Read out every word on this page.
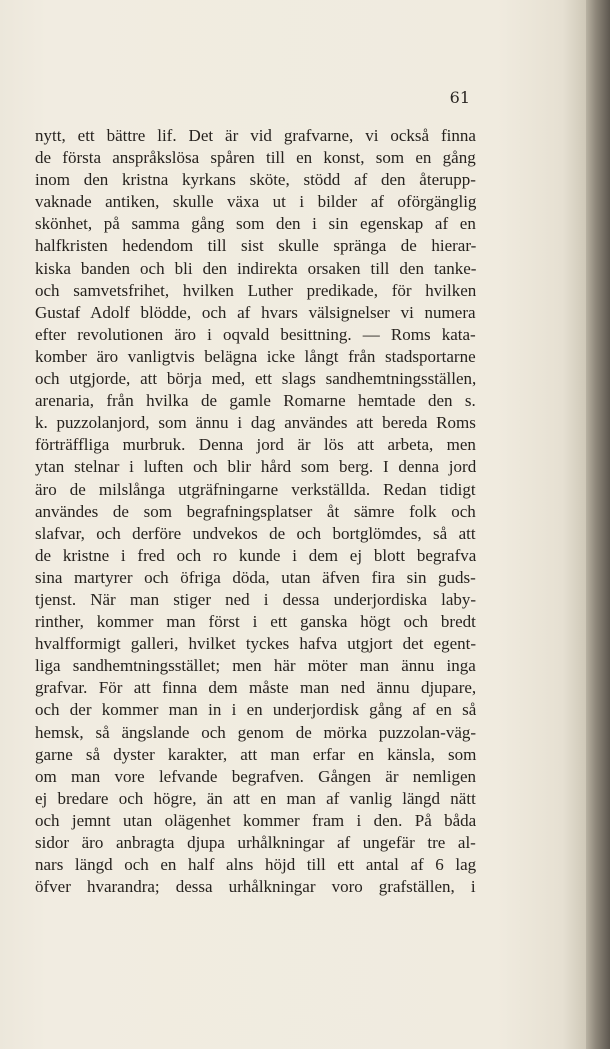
61
nytt, ett bättre lif. Det är vid grafvarne, vi också finna
de första anspråkslösa spåren till en konst, som en gång
inom den kristna kyrkans sköte, stödd af den återupp-
vaknade antiken, skulle växa ut i bilder af oförgänglig
skönhet, på samma gång som den i sin egenskap af en
halfkristen hedendom till sist skulle spränga de hierar-
kiska banden och bli den indirekta orsaken till den tanke-
och samvetsfrihet, hvilken Luther predikade, för hvilken
Gustaf Adolf blödde, och af hvars välsignelser vi numera
efter revolutionen äro i oqvald besittning. — Roms kata-
komber äro vanligtvis belägna icke långt från stadsportarne
och utgjorde, att börja med, ett slags sandhemtningsställen,
arenaria, från hvilka de gamle Romarne hemtade den s.
k. puzzolanjord, som ännu i dag användes att bereda Roms
förträffliga murbruk. Denna jord är lös att arbeta, men
ytan stelnar i luften och blir hård som berg. I denna jord
äro de milslånga utgräfningarne verkställda. Redan tidigt
användes de som begrafningsplatser åt sämre folk och
slafvar, och derföre undvekos de och bortglömdes, så att
de kristne i fred och ro kunde i dem ej blott begrafva
sina martyrer och öfriga döda, utan äfven fira sin guds-
tjenst. När man stiger ned i dessa underjordiska laby-
rinther, kommer man först i ett ganska högt och bredt
hvalfformigt galleri, hvilket tyckes hafva utgjort det egent-
liga sandhemtningsstället; men här möter man ännu inga
grafvar. För att finna dem måste man ned ännu djupare,
och der kommer man in i en underjordisk gång af en så
hemsk, så ängslande och genom de mörka puzzolan-väg-
garne så dyster karakter, att man erfar en känsla, som
om man vore lefvande begrafven. Gången är nemligen
ej bredare och högre, än att en man af vanlig längd nätt
och jemnt utan olägenhet kommer fram i den. På båda
sidor äro anbragta djupa urhålkningar af ungefär tre al-
nars längd och en half alns höjd till ett antal af 6 lag
öfver hvarandra; dessa urhålkningar voro grafställen, i
